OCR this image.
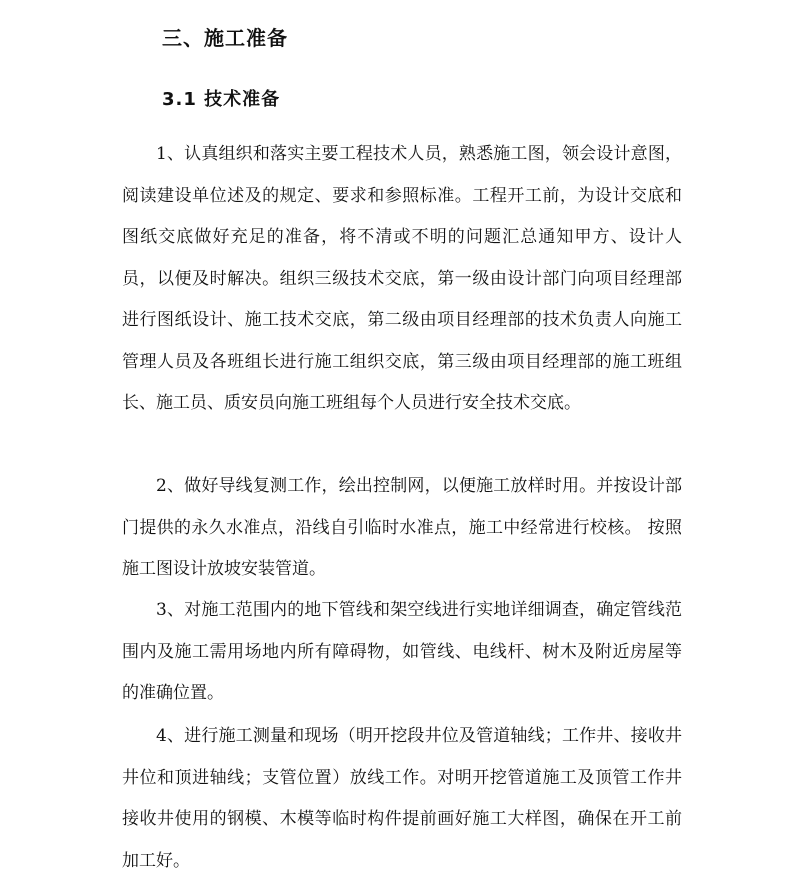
三、施工准备
3.1 技术准备

1、认真组织和落实主要工程技术人员，熟悉施工图，领会设计意图，阅读建设单位述及的规定、要求和参照标准。工程开工前，为设计交底和图纸交底做好充足的准备，将不清或不明的问题汇总通知甲方、设计人员，以便及时解决。组织三级技术交底，第一级由设计部门向项目经理部进行图纸设计、施工技术交底，第二级由项目经理部的技术负责人向施工管理人员及各班组长进行施工组织交底，第三级由项目经理部的施工班组长、施工员、质安员向施工班组每个人员进行安全技术交底。

2、做好导线复测工作，绘出控制网，以便施工放样时用。并按设计部门提供的永久水准点，沿线自引临时水准点，施工中经常进行校核。 按照施工图设计放坡安装管道。

3、对施工范围内的地下管线和架空线进行实地详细调查，确定管线范围内及施工需用场地内所有障碍物，如管线、电线杆、树木及附近房屋等的准确位置。

4、进行施工测量和现场（明开挖段井位及管道轴线；工作井、接收井井位和顶进轴线；支管位置）放线工作。对明开挖管道施工及顶管工作井接收井使用的钢模、木模等临时构件提前画好施工大样图，确保在开工前加工好。
